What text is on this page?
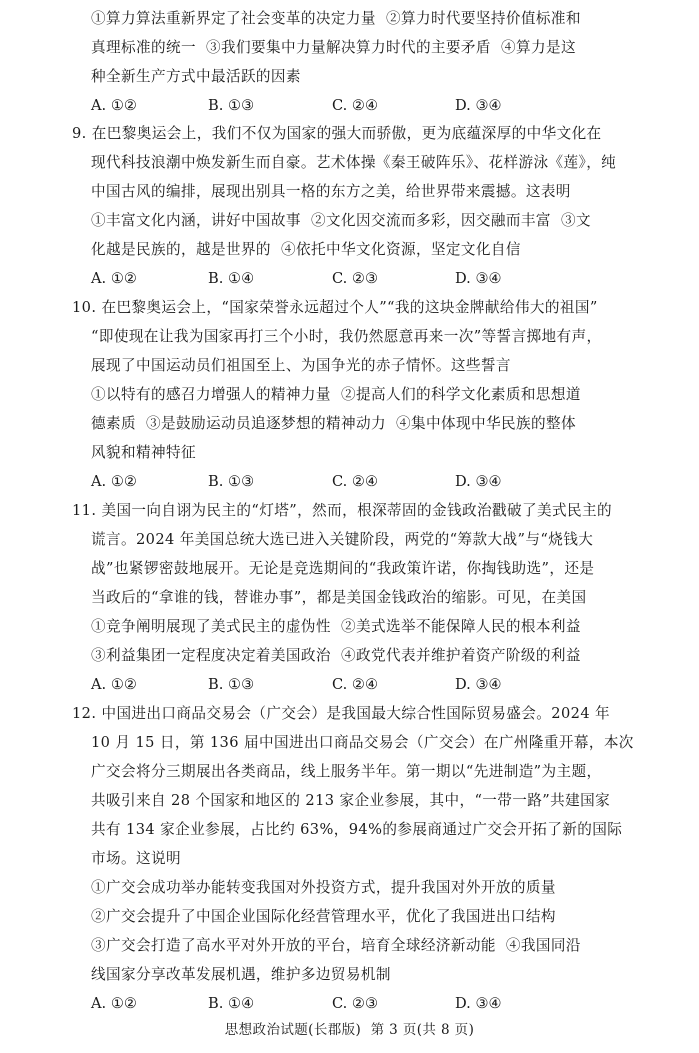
①算力算法重新界定了社会变革的决定力量  ②算力时代要坚持价值标准和
真理标准的统一  ③我们要集中力量解决算力时代的主要矛盾  ④算力是这
种全新生产方式中最活跃的因素
A. ①②	B. ①③	C. ②④	D. ③④
9. 在巴黎奥运会上，我们不仅为国家的强大而骄傲，更为底蕴深厚的中华文化在
现代科技浪潮中焕发新生而自豪。艺术体操《秦王破阵乐》、花样游泳《莲》，纯
中国古风的编排，展现出别具一格的东方之美，给世界带来震撼。这表明
①丰富文化内涵，讲好中国故事  ②文化因交流而多彩，因交融而丰富  ③文
化越是民族的，越是世界的  ④依托中华文化资源，坚定文化自信
A. ①②	B. ①④	C. ②③	D. ③④
10. 在巴黎奥运会上，“国家荣誉永远超过个人”“我的这块金牌献给伟大的祖国”
“即使现在让我为国家再打三个小时，我仍然愿意再来一次”等誓言掷地有声，
展现了中国运动员们祖国至上、为国争光的赤子情怀。这些誓言
①以特有的感召力增强人的精神力量  ②提高人们的科学文化素质和思想道
德素质  ③是鼓励运动员追逐梦想的精神动力  ④集中体现中华民族的整体
风貌和精神特征
A. ①②	B. ①③	C. ②④	D. ③④
11. 美国一向自诩为民主的“灯塔”，然而，根深蒂固的金钱政治戳破了美式民主的
谎言。2024 年美国总统大选已进入关键阶段，两党的“筹款大战”与“烧钱大
战”也紧锣密鼓地展开。无论是竞选期间的“我政策许诺，你掏钱助选”，还是
当政后的“拿谁的钱，替谁办事”，都是美国金钱政治的缩影。可见，在美国
①竞争阐明展现了美式民主的虚伪性  ②美式选举不能保障人民的根本利益
③利益集团一定程度决定着美国政治  ④政党代表并维护着资产阶级的利益
A. ①②	B. ①③	C. ②④	D. ③④
12. 中国进出口商品交易会（广交会）是我国最大综合性国际贸易盛会。2024 年
10 月 15 日，第 136 届中国进出口商品交易会（广交会）在广州隆重开幕，本次
广交会将分三期展出各类商品，线上服务半年。第一期以“先进制造”为主题，
共吸引来自 28 个国家和地区的 213 家企业参展，其中，“一带一路”共建国家
共有 134 家企业参展，占比约 63%，94%的参展商通过广交会开拓了新的国际
市场。这说明
①广交会成功举办能转变我国对外投资方式，提升我国对外开放的质量
②广交会提升了中国企业国际化经营管理水平，优化了我国进出口结构
③广交会打造了高水平对外开放的平台，培育全球经济新动能  ④我国同沿
线国家分享改革发展机遇，维护多边贸易机制
A. ①②	B. ①④	C. ②③	D. ③④
思想政治试题(长郡版)  第 3 页(共 8 页)
